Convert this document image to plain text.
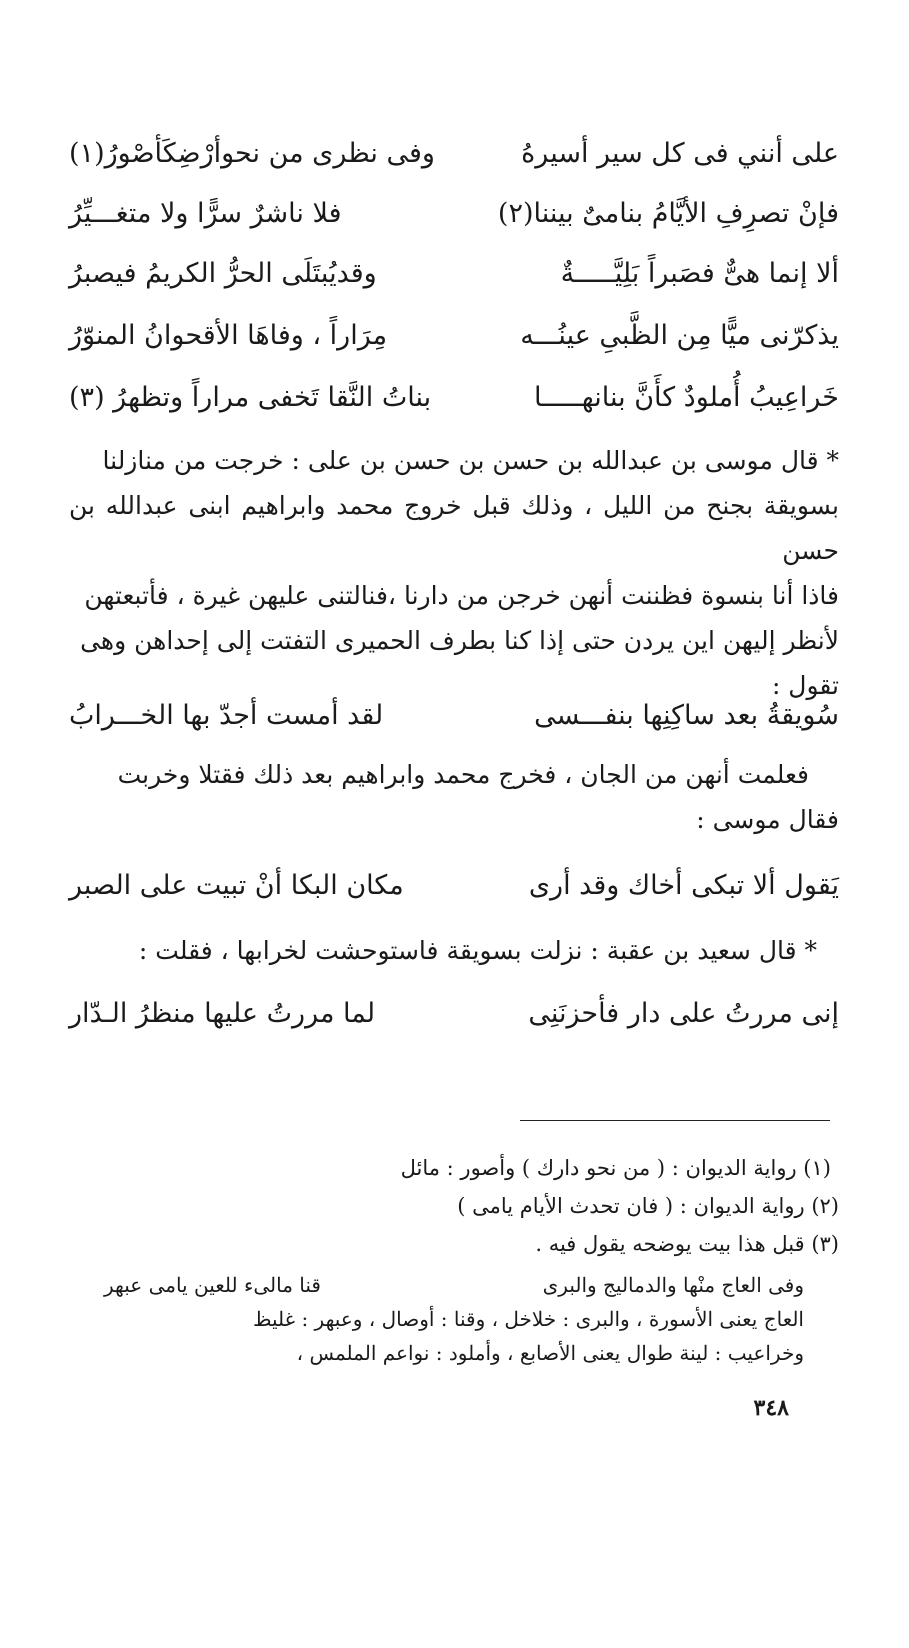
على أنني فى كل سير أسيرهُ
وفى نظرى من نحوأرْضِكَأصْورُ(١)
فإنْ تصرِفِ الأيَّامُ بنامىٌ بيننا(٢)
فلا ناشرٌ سرًّا ولا متغـــيِّرُ
ألا إنما هىٌّ فصَبراً بَلِيَّـــــةٌ
وقديُبتَلَى الحرُّ الكريمُ فيصبرُ
يذكرّنى ميًّا مِن الظَّبىِ عينُـــه
مِرَاراً ، وفاهَا الأقحوانُ المنوّرُ
خَراعِيبُ أُملودٌ كأَنَّ بنانهـــــا
بناتُ النَّقا تَخفى مراراً وتظهرُ (٣)

* قال موسى بن عبدالله بن حسن بن حسن بن على : خرجت من منازلنا

بسويقة بجنح من الليل ، وذلك قبل خروج محمد وابراهيم ابنى عبدالله بن حسن

فاذا أنا بنسوة فظننت أنهن خرجن من دارنا ،فنالتنى عليهن غيرة ، فأتبعتهن

لأنظر إليهن اين يردن حتى إذا كنا بطرف الحميرى التفتت إلى إحداهن وهى

تقول :

سُويقةُ بعد ساكِنِها بنفـــسى
لقد أمست أجدّ بها الخـــرابُ

فعلمت أنهن من الجان ، فخرج محمد وابراهيم بعد ذلك فقتلا وخربت

فقال موسى :

يَقول ألا تبكى أخاك وقد أرى
مكان البكا أنْ تبيت على الصبر

* قال سعيد بن عقبة : نزلت بسويقة فاستوحشت لخرابها ، فقلت :

إنى مررتُ على دار فأحزنَنِى
لما مررتُ عليها منظرُ الـدّار
(١) رواية الديوان : ( من نحو دارك ) وأصور : مائل
(٢) رواية الديوان : ( فان تحدث الأيام يامى )
(٣) قبل هذا بيت يوضحه يقول فيه .
وفى العاج منْها والدماليج والبرى
قنا مالىء للعين يامى عبهر

العاج يعنى الأسورة ، والبرى : خلاخل ، وقنا : أوصال ، وعبهر : غليظ

وخراعيب : لينة طوال يعنى الأصابع ، وأملود : نواعم الملمس ،

٣٤٨
